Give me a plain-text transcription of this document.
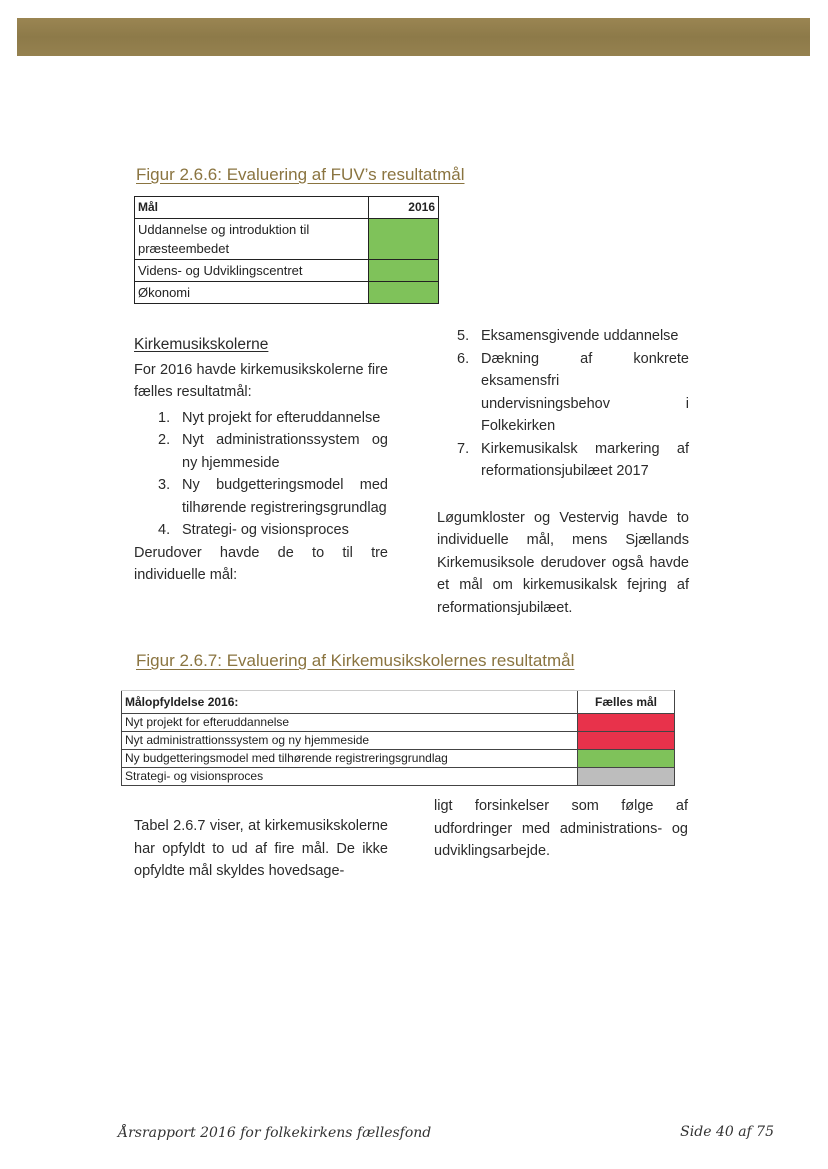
Figur 2.6.6: Evaluering af FUV’s resultatmål
Mål	2016
Uddannelse og introduktion til præsteembedet	
Videns- og Udviklingscentret	
Økonomi	
Kirkemusikskolerne
For 2016 havde kirkemusikskolerne fire fælles resultatmål:
1. Nyt projekt for efteruddannelse
2. Nyt administrationssystem og ny hjemmeside
3. Ny budgetteringsmodel med tilhørende registreringsgrundlag
4. Strategi- og visionsproces
Derudover havde de to til tre individuelle mål:
5. Eksamensgivende uddannelse
6. Dækning af konkrete eksamensfri undervisningsbehov i Folkekirken
7. Kirkemusikalsk markering af reformationsjubilæet 2017
Løgumkloster og Vestervig havde to individuelle mål, mens Sjællands Kirkemusiksole derudover også havde et mål om kirkemusikalsk fejring af reformationsjubilæet.
Figur 2.6.7: Evaluering af Kirkemusikskolernes resultatmål
Målopfyldelse 2016:	Fælles mål
Nyt projekt for efteruddannelse	
Nyt administrattionssystem og ny hjemmeside	
Ny budgetteringsmodel med tilhørende registreringsgrundlag	
Strategi- og visionsproces	
Tabel 2.6.7 viser, at kirkemusikskolerne har opfyldt to ud af fire mål. De ikke opfyldte mål skyldes hovedsage-
ligt forsinkelser som følge af udfordringer med administrations- og udviklingsarbejde.
Årsrapport 2016 for folkekirkens fællesfond	Side 40 af 75
